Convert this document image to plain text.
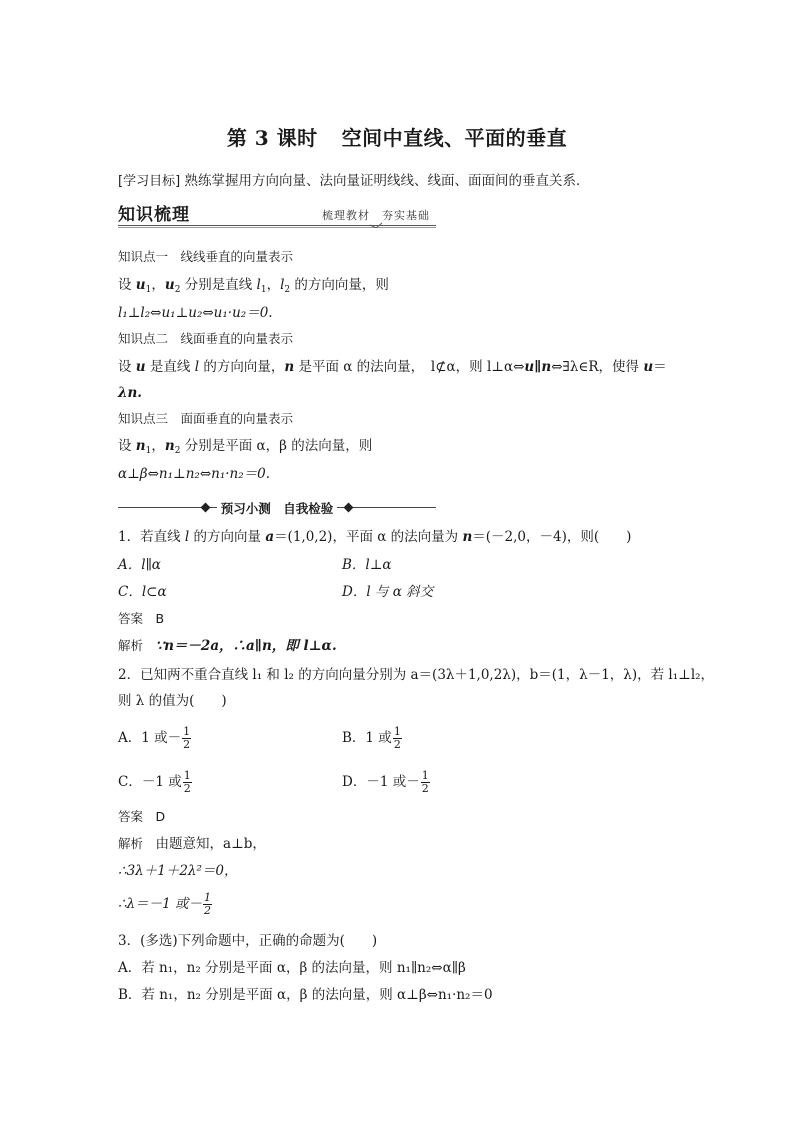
第 3 课时 空间中直线、平面的垂直
[学习目标] 熟练掌握用方向向量、法向量证明线线、线面、面面间的垂直关系．
知识梳理	梳理教材　夯实基础
知识点一　线线垂直的向量表示
设 $u_1$，$u_2$ 分别是直线 $l_1$，$l_2$ 的方向向量，则
l₁⊥l₂⇔u₁⊥u₂⇔u₁·u₂＝0.
知识点二　线面垂直的向量表示
设 u 是直线 l 的方向向量，n 是平面 α 的法向量，　l⊄α，则 l⊥α⇔u∥n⇔∃λ∈R，使得 u＝
λn.
知识点三　面面垂直的向量表示
设 $n_1$，$n_2$ 分别是平面 α，β 的法向量，则
α⊥β⇔n₁⊥n₂⇔n₁·n₂＝0.
预习小测　自我检验
1．若直线 l 的方向向量 a＝(1,0,2)，平面 α 的法向量为 n＝(－2,0，－4)，则(　　)
A．l∥α	B．l⊥α
C．l⊂α	D．l 与 α 斜交
答案　B
解析　∵n＝－2a，∴a∥n，即 l⊥α.
2．已知两不重合直线 l₁ 和 l₂ 的方向向量分别为 a＝(3λ＋1,0,2λ)，b＝(1，λ－1，λ)，若 l₁⊥l₂，
则 λ 的值为(　　)
A．1 或－ $\frac{1}{2}$	B．1 或 $\frac{1}{2}$
C．－1 或 $\frac{1}{2}$	D．－1 或－ $\frac{1}{2}$
答案　D
解析　由题意知，a⊥b，
∴3λ＋1＋2λ²＝0，
∴λ＝－1 或－ $\frac{1}{2}$
3．(多选)下列命题中，正确的命题为(　　)
A．若 n₁，n₂ 分别是平面 α，β 的法向量，则 n₁∥n₂⇔α∥β
B．若 n₁，n₂ 分别是平面 α，β 的法向量，则 α⊥β⇔n₁·n₂＝0
